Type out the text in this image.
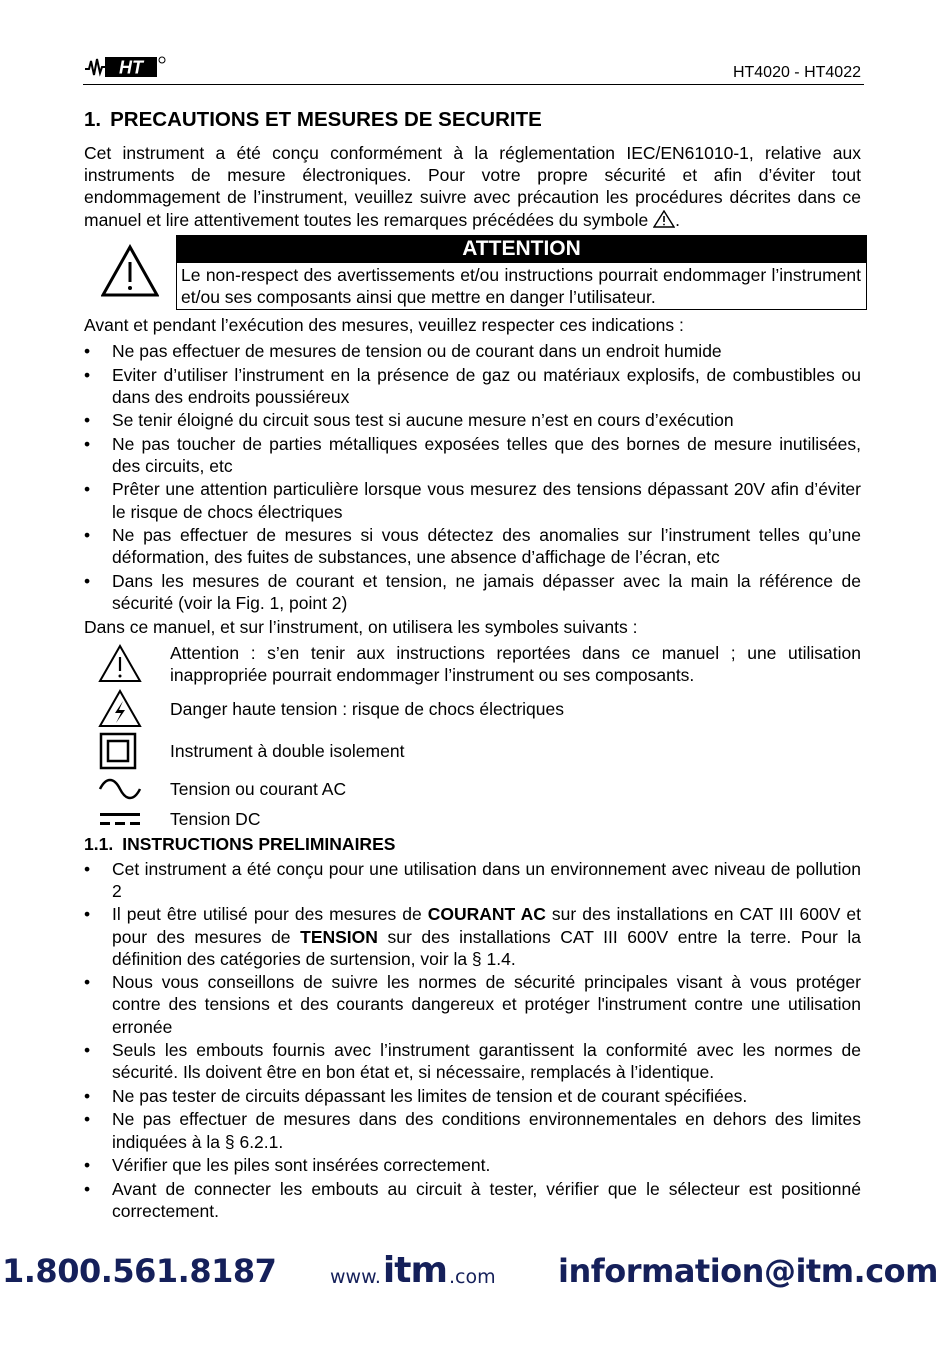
HT	HT4020 - HT4022
1. PRECAUTIONS ET MESURES DE SECURITE

Cet instrument a été conçu conformément à la réglementation IEC/EN61010-1, relative aux instruments de mesure électroniques. Pour votre propre sécurité et afin d’éviter tout endommagement de l’instrument, veuillez suivre avec précaution les procédures décrites dans ce manuel et lire attentivement toutes les remarques précédées du symbole .

ATTENTION
Le non-respect des avertissements et/ou instructions pourrait endommager l’instrument et/ou ses composants ainsi que mettre en danger l’utilisateur.

Avant et pendant l’exécution des mesures, veuillez respecter ces indications :

• Ne pas effectuer de mesures de tension ou de courant dans un endroit humide
• Eviter d’utiliser l’instrument en la présence de gaz ou matériaux explosifs, de combustibles ou dans des endroits poussiéreux
• Se tenir éloigné du circuit sous test si aucune mesure n’est en cours d’exécution
• Ne pas toucher de parties métalliques exposées telles que des bornes de mesure inutilisées, des circuits, etc
• Prêter une attention particulière lorsque vous mesurez des tensions dépassant 20V afin d’éviter le risque de chocs électriques
• Ne pas effectuer de mesures si vous détectez des anomalies sur l’instrument telles qu’une déformation, des fuites de substances, une absence d’affichage de l’écran, etc
• Dans les mesures de courant et tension, ne jamais dépasser avec la main la référence de sécurité (voir la Fig. 1, point 2)

Dans ce manuel, et sur l’instrument, on utilisera les symboles suivants :

Attention : s’en tenir aux instructions reportées dans ce manuel ; une utilisation inappropriée pourrait endommager l’instrument ou ses composants.
Danger haute tension : risque de chocs électriques
Instrument à double isolement
Tension ou courant AC
Tension DC
1.1. INSTRUCTIONS PRELIMINAIRES
• Cet instrument a été conçu pour une utilisation dans un environnement avec niveau de pollution 2
• Il peut être utilisé pour des mesures de COURANT AC sur des installations en CAT III 600V et pour des mesures de TENSION sur des installations CAT III 600V entre la terre. Pour la définition des catégories de surtension, voir la § 1.4.
• Nous vous conseillons de suivre les normes de sécurité principales visant à vous protéger contre des tensions et des courants dangereux et protéger l'instrument contre une utilisation erronée
• Seuls les embouts fournis avec l’instrument garantissent la conformité avec les normes de sécurité. Ils doivent être en bon état et, si nécessaire, remplacés à l’identique.
• Ne pas tester de circuits dépassant les limites de tension et de courant spécifiées.
• Ne pas effectuer de mesures dans des conditions environnementales en dehors des limites indiquées à la § 6.2.1.
• Vérifier que les piles sont insérées correctement.
• Avant de connecter les embouts au circuit à tester, vérifier que le sélecteur est positionné correctement.
1.800.561.8187	www. itm .com information@itm.com
